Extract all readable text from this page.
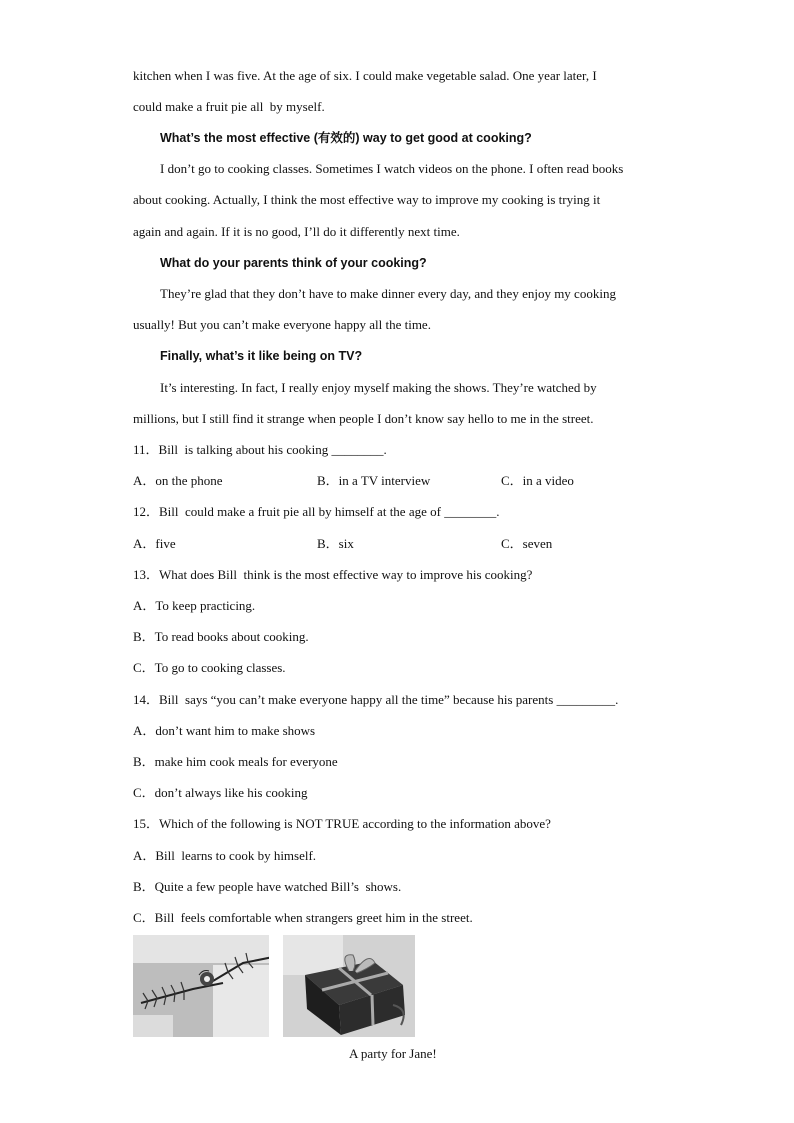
kitchen when I was five. At the age of six. I could make vegetable salad. One year later, I
could make a fruit pie all  by myself.
What’s the most effective (有效的) way to get good at cooking?
I don’t go to cooking classes. Sometimes I watch videos on the phone. I often read books
about cooking. Actually, I think the most effective way to improve my cooking is trying it
again and again. If it is no good, I’ll do it differently next time.
What do your parents think of your cooking?
They’re glad that they don’t have to make dinner every day, and they enjoy my cooking
usually! But you can’t make everyone happy all the time.
Finally, what’s it like being on TV?
It’s interesting. In fact, I really enjoy myself making the shows. They’re watched by
millions, but I still find it strange when people I don’t know say hello to me in the street.
11．Bill  is talking about his cooking ________.
A．on the phone	B．in a TV interview	C．in a video
12．Bill  could make a fruit pie all by himself at the age of ________.
A．five	B．six	C．seven
13．What does Bill  think is the most effective way to improve his cooking?
A．To keep practicing.
B．To read books about cooking.
C．To go to cooking classes.
14．Bill  says “you can’t make everyone happy all the time” because his parents _________.
A．don’t want him to make shows
B．make him cook meals for everyone
C．don’t always like his cooking
15．Which of the following is NOT TRUE according to the information above?
A．Bill  learns to cook by himself.
B．Quite a few people have watched Bill’s  shows.
C．Bill  feels comfortable when strangers greet him in the street.
A party for Jane!
